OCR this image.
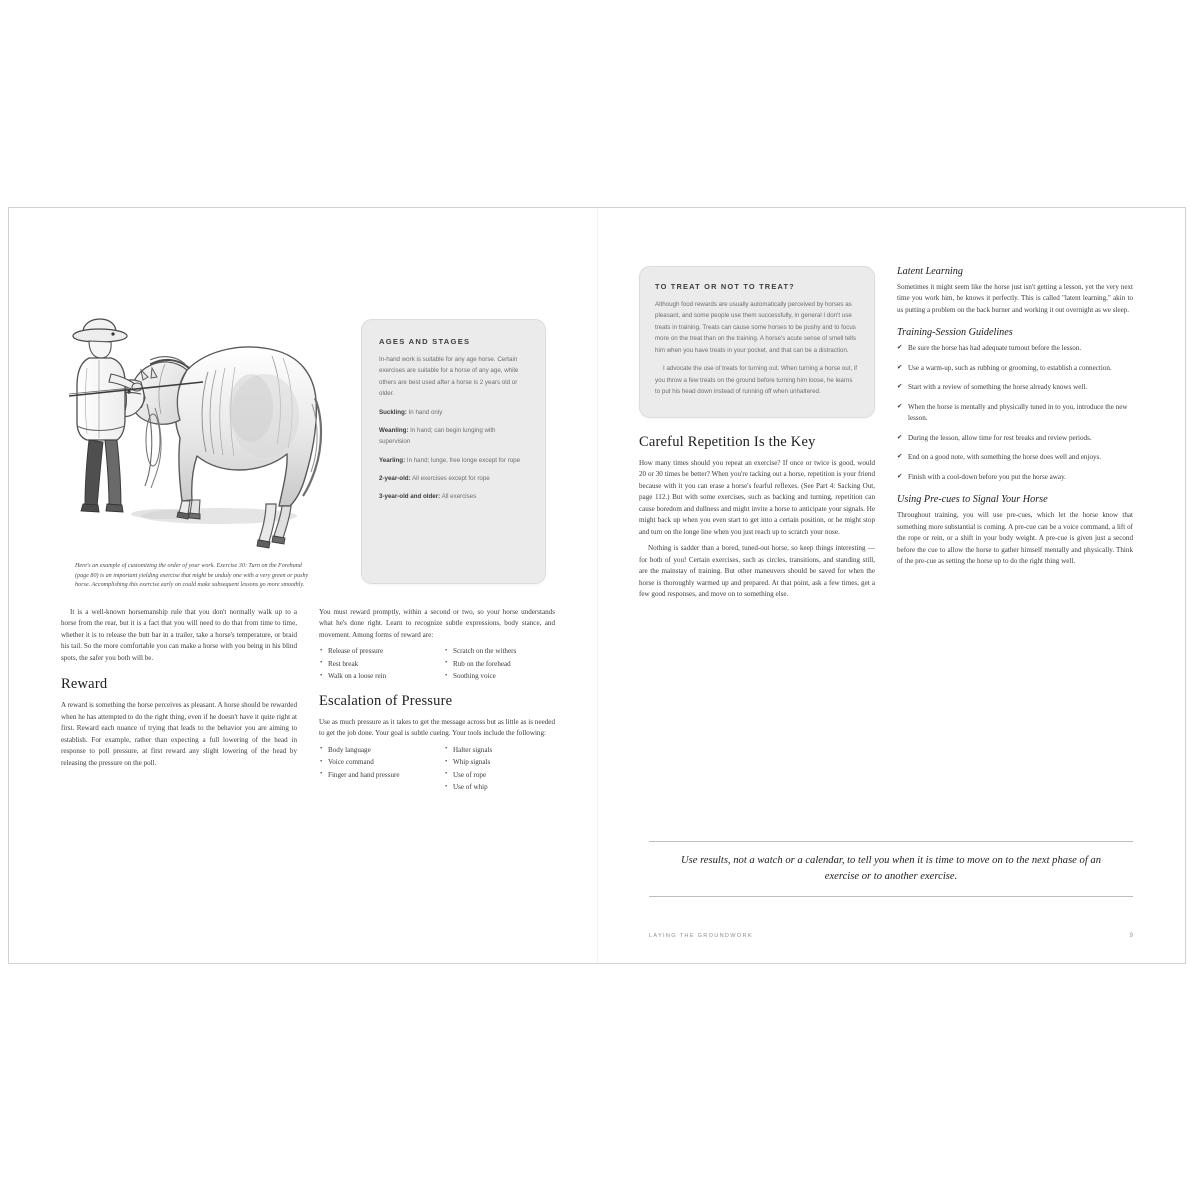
Here's an example of customizing the order of your work. Exercise 30: Turn on the Forehand (page 80) is an important yielding exercise that might be unduly one with a very green or pushy horse. Accomplishing this exercise early on could make subsequent lessons go more smoothly.
AGES AND STAGES

In-hand work is suitable for any age horse. Certain exercises are suitable for a horse of any age, while others are best used after a horse is 2 years old or older.

Suckling: In hand only

Weanling: In hand; can begin lunging with supervision

Yearling: In hand; lunge, free longe except for rope

2-year-old: All exercises except for rope

3-year-old and older: All exercises

It is a well-known horsemanship rule that you don't normally walk up to a horse from the rear, but it is a fact that you will need to do that from time to time, whether it is to release the butt bar in a trailer, take a horse's temperature, or braid his tail. So the more comfortable you can make a horse with you being in his blind spots, the safer you both will be.

Reward

A reward is something the horse perceives as pleasant. A horse should be rewarded when he has attempted to do the right thing, even if he doesn't have it quite right at first. Reward each nuance of trying that leads to the behavior you are aiming to establish. For example, rather than expecting a full lowering of the head in response to poll pressure, at first reward any slight lowering of the head by releasing the pressure on the poll.

You must reward promptly, within a second or two, so your horse understands what he's done right. Learn to recognize subtle expressions, body stance, and movement. Among forms of reward are:

• Release of pressure
• Rest break
• Walk on a loose rein
• Scratch on the withers
• Rub on the forehead
• Soothing voice
Escalation of Pressure

Use as much pressure as it takes to get the message across but as little as is needed to get the job done. Your goal is subtle cueing. Your tools include the following:

• Body language
• Voice command
• Finger and hand pressure
• Halter signals
• Whip signals
• Use of rope
• Use of whip
TO TREAT OR NOT TO TREAT?

Although food rewards are usually automatically perceived by horses as pleasant, and some people use them successfully, in general I don't use treats in training. Treats can cause some horses to be pushy and to focus more on the treat than on the training. A horse's acute sense of smell tells him when you have treats in your pocket, and that can be a distraction.

I advocate the use of treats for turning out. When turning a horse out, if you throw a few treats on the ground before turning him loose, he learns to put his head down instead of running off when unhaltered.

Careful Repetition Is the Key

How many times should you repeat an exercise? If once or twice is good, would 20 or 30 times be better? When you're tacking out a horse, repetition is your friend because with it you can erase a horse's fearful reflexes. (See Part 4: Sacking Out, page 112.) But with some exercises, such as backing and turning, repetition can cause boredom and dullness and might invite a horse to anticipate your signals. He might back up when you even start to get into a certain position, or he might stop and turn on the longe line when you just reach up to scratch your nose.

Nothing is sadder than a bored, tuned-out horse, so keep things interesting — for both of you! Certain exercises, such as circles, transitions, and standing still, are the mainstay of training. But other maneuvers should be saved for when the horse is thoroughly warmed up and prepared. At that point, ask a few times, get a few good responses, and move on to something else.

Latent Learning

Sometimes it might seem like the horse just isn't getting a lesson, yet the very next time you work him, he knows it perfectly. This is called "latent learning," akin to us putting a problem on the back burner and working it out overnight as we sleep.

Training-Session Guidelines
✔ Be sure the horse has had adequate turnout before the lesson.
✔ Use a warm-up, such as rubbing or grooming, to establish a connection.
✔ Start with a review of something the horse already knows well.
✔ When the horse is mentally and physically tuned in to you, introduce the new lesson.
✔ During the lesson, allow time for rest breaks and review periods.
✔ End on a good note, with something the horse does well and enjoys.
✔ Finish with a cool-down before you put the horse away.
Using Pre-cues to Signal Your Horse

Throughout training, you will use pre-cues, which let the horse know that something more substantial is coming. A pre-cue can be a voice command, a lift of the rope or rein, or a shift in your body weight. A pre-cue is given just a second before the cue to allow the horse to gather himself mentally and physically. Think of the pre-cue as setting the horse up to do the right thing well.

Use results, not a watch or a calendar, to tell you when it is time to move on to the next phase of an exercise or to another exercise.

LAYING THE GROUNDWORK	9
